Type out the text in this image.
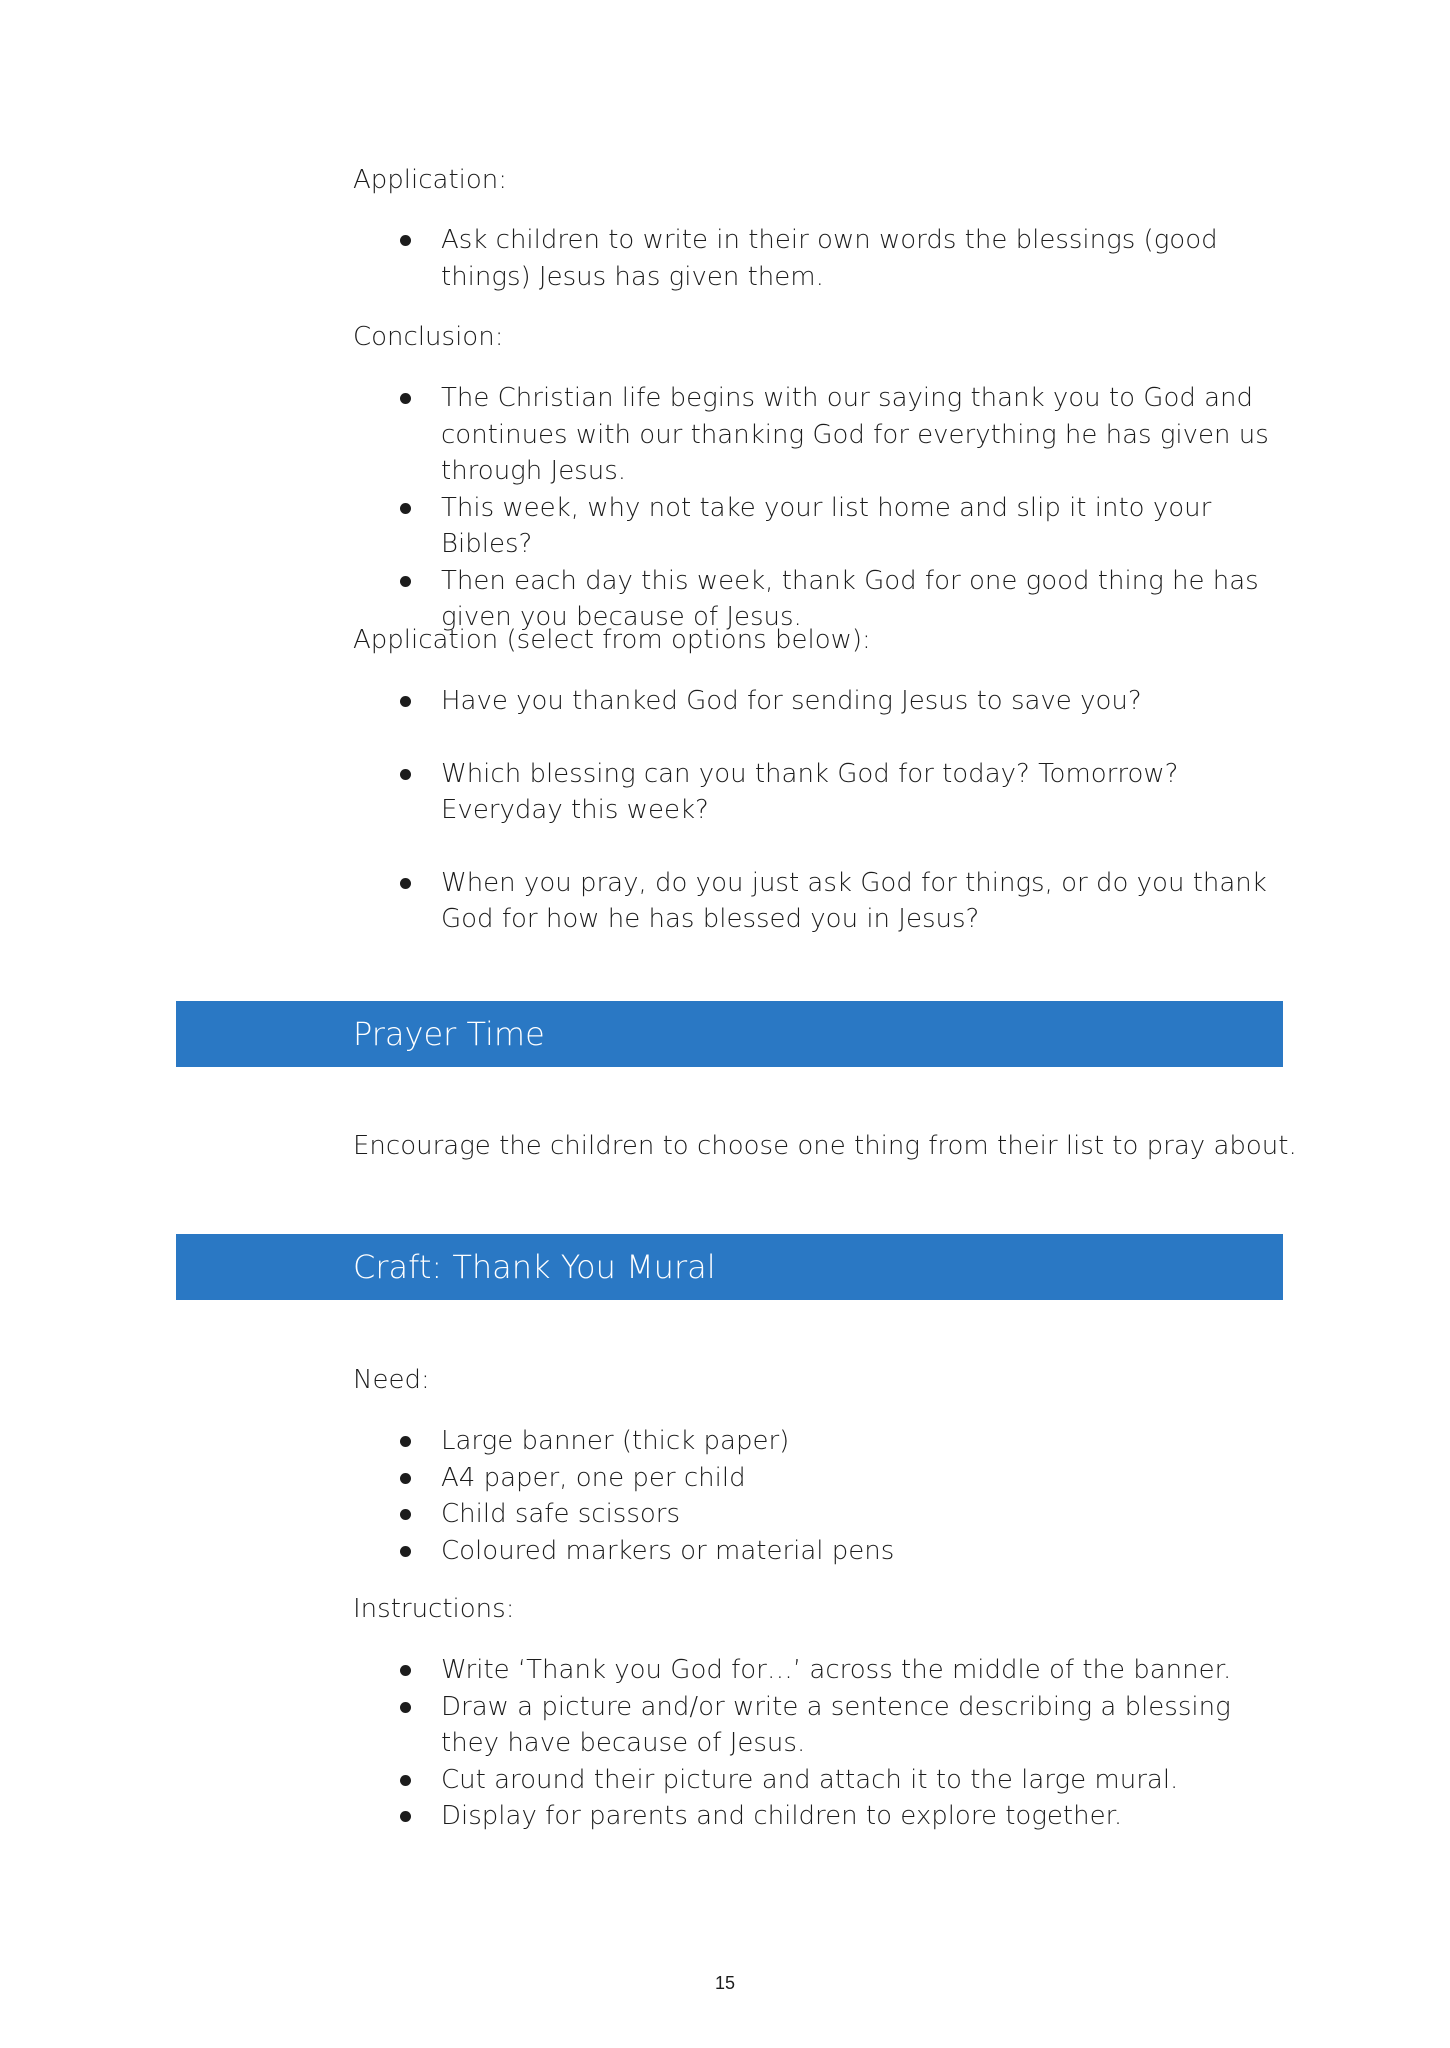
Application:

Ask children to write in their own words the blessings (good things) Jesus has given them.

Conclusion:

The Christian life begins with our saying thank you to God and continues with our thanking God for everything he has given us through Jesus.
This week, why not take your list home and slip it into your Bibles?
Then each day this week, thank God for one good thing he has given you because of Jesus.

Application (select from options below):

Have you thanked God for sending Jesus to save you?
Which blessing can you thank God for today? Tomorrow? Everyday this week?
When you pray, do you just ask God for things, or do you thank God for how he has blessed you in Jesus?
Prayer Time

Encourage the children to choose one thing from their list to pray about.

Craft: Thank You Mural

Need:

Large banner (thick paper)
A4 paper, one per child
Child safe scissors
Coloured markers or material pens

Instructions:

Write ‘Thank you God for…’ across the middle of the banner.
Draw a picture and/or write a sentence describing a blessing they have because of Jesus.
Cut around their picture and attach it to the large mural.
Display for parents and children to explore together.
15
